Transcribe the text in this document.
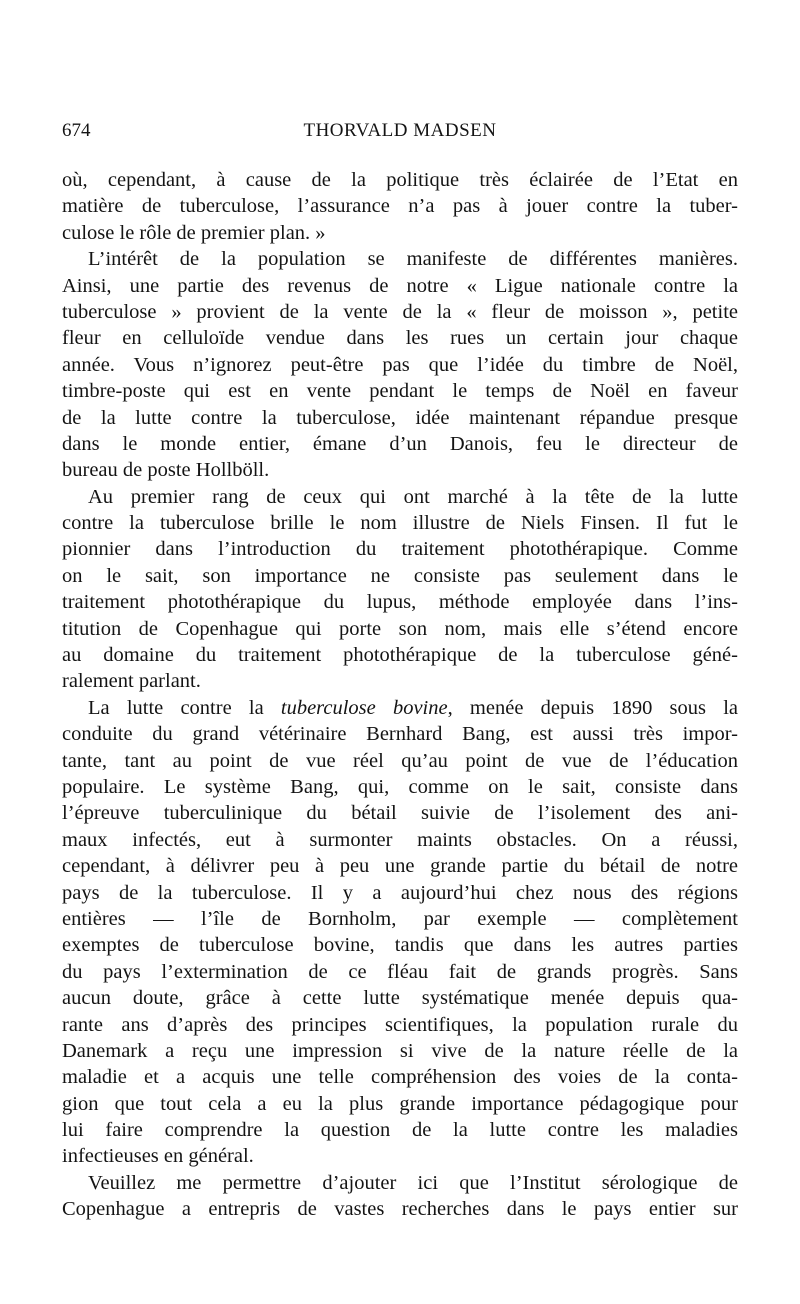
674	THORVALD MADSEN
où, cependant, à cause de la politique très éclairée de l’Etat en
matière de tuberculose, l’assurance n’a pas à jouer contre la tuber-
culose le rôle de premier plan. »
L’intérêt de la population se manifeste de différentes manières.
Ainsi, une partie des revenus de notre « Ligue nationale contre la
tuberculose » provient de la vente de la « fleur de moisson », petite
fleur en celluloïde vendue dans les rues un certain jour chaque
année. Vous n’ignorez peut-être pas que l’idée du timbre de Noël,
timbre-poste qui est en vente pendant le temps de Noël en faveur
de la lutte contre la tuberculose, idée maintenant répandue presque
dans le monde entier, émane d’un Danois, feu le directeur de
bureau de poste Hollböll.
Au premier rang de ceux qui ont marché à la tête de la lutte
contre la tuberculose brille le nom illustre de Niels Finsen. Il fut le
pionnier dans l’introduction du traitement photothérapique. Comme
on le sait, son importance ne consiste pas seulement dans le
traitement photothérapique du lupus, méthode employée dans l’ins-
titution de Copenhague qui porte son nom, mais elle s’étend encore
au domaine du traitement photothérapique de la tuberculose géné-
ralement parlant.
La lutte contre la tuberculose bovine, menée depuis 1890 sous la
conduite du grand vétérinaire Bernhard Bang, est aussi très impor-
tante, tant au point de vue réel qu’au point de vue de l’éducation
populaire. Le système Bang, qui, comme on le sait, consiste dans
l’épreuve tuberculinique du bétail suivie de l’isolement des ani-
maux infectés, eut à surmonter maints obstacles. On a réussi,
cependant, à délivrer peu à peu une grande partie du bétail de notre
pays de la tuberculose. Il y a aujourd’hui chez nous des régions
entières — l’île de Bornholm, par exemple — complètement
exemptes de tuberculose bovine, tandis que dans les autres parties
du pays l’extermination de ce fléau fait de grands progrès. Sans
aucun doute, grâce à cette lutte systématique menée depuis qua-
rante ans d’après des principes scientifiques, la population rurale du
Danemark a reçu une impression si vive de la nature réelle de la
maladie et a acquis une telle compréhension des voies de la conta-
gion que tout cela a eu la plus grande importance pédagogique pour
lui faire comprendre la question de la lutte contre les maladies
infectieuses en général.
Veuillez me permettre d’ajouter ici que l’Institut sérologique de
Copenhague a entrepris de vastes recherches dans le pays entier sur
